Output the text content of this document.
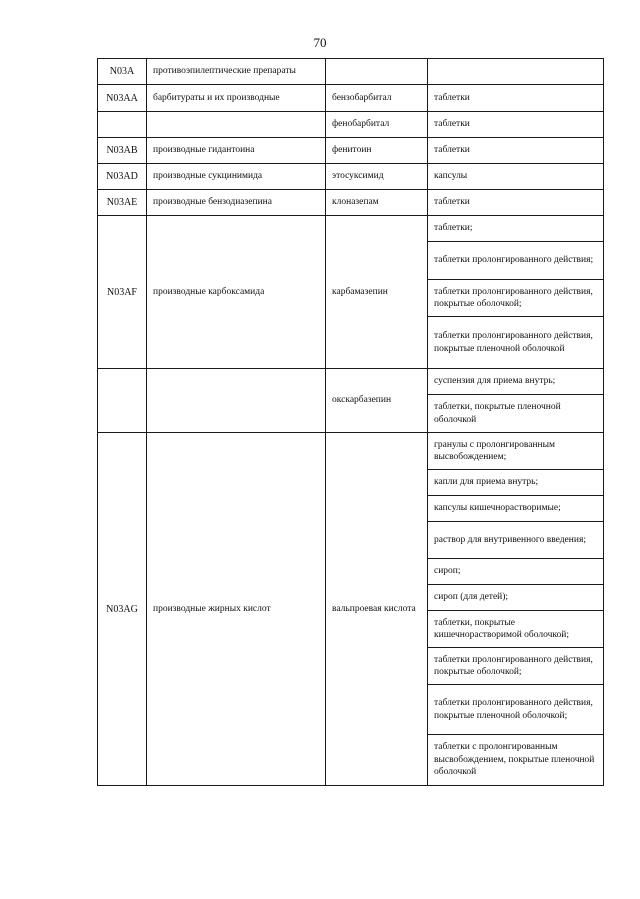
70
N03A	противоэпилептические препараты		
N03AA	барбитураты и их производные	бензобарбитал	таблетки
		фенобарбитал	таблетки
N03AB	производные гидантоина	фенитоин	таблетки
N03AD	производные сукцинимида	этосуксимид	капсулы
N03AE	производные бензодиазепина	клоназепам	таблетки
N03AF	производные карбоксамида	карбамазепин	таблетки;
			таблетки пролонгированного действия;
			таблетки пролонгированного действия, покрытые оболочкой;
			таблетки пролонгированного действия, покрытые пленочной оболочкой
		окскарбазепин	суспензия для приема внутрь;
			таблетки, покрытые пленочной оболочкой
N03AG	производные жирных кислот	вальпроевая кислота	гранулы с пролонгированным высвобождением;
			капли для приема внутрь;
			капсулы кишечнорастворимые;
			раствор для внутривенного введения;
			сироп;
			сироп (для детей);
			таблетки, покрытые кишечнорастворимой оболочкой;
			таблетки пролонгированного действия, покрытые оболочкой;
			таблетки пролонгированного действия, покрытые пленочной оболочкой;
			таблетки с пролонгированным высвобождением, покрытые пленочной оболочкой
